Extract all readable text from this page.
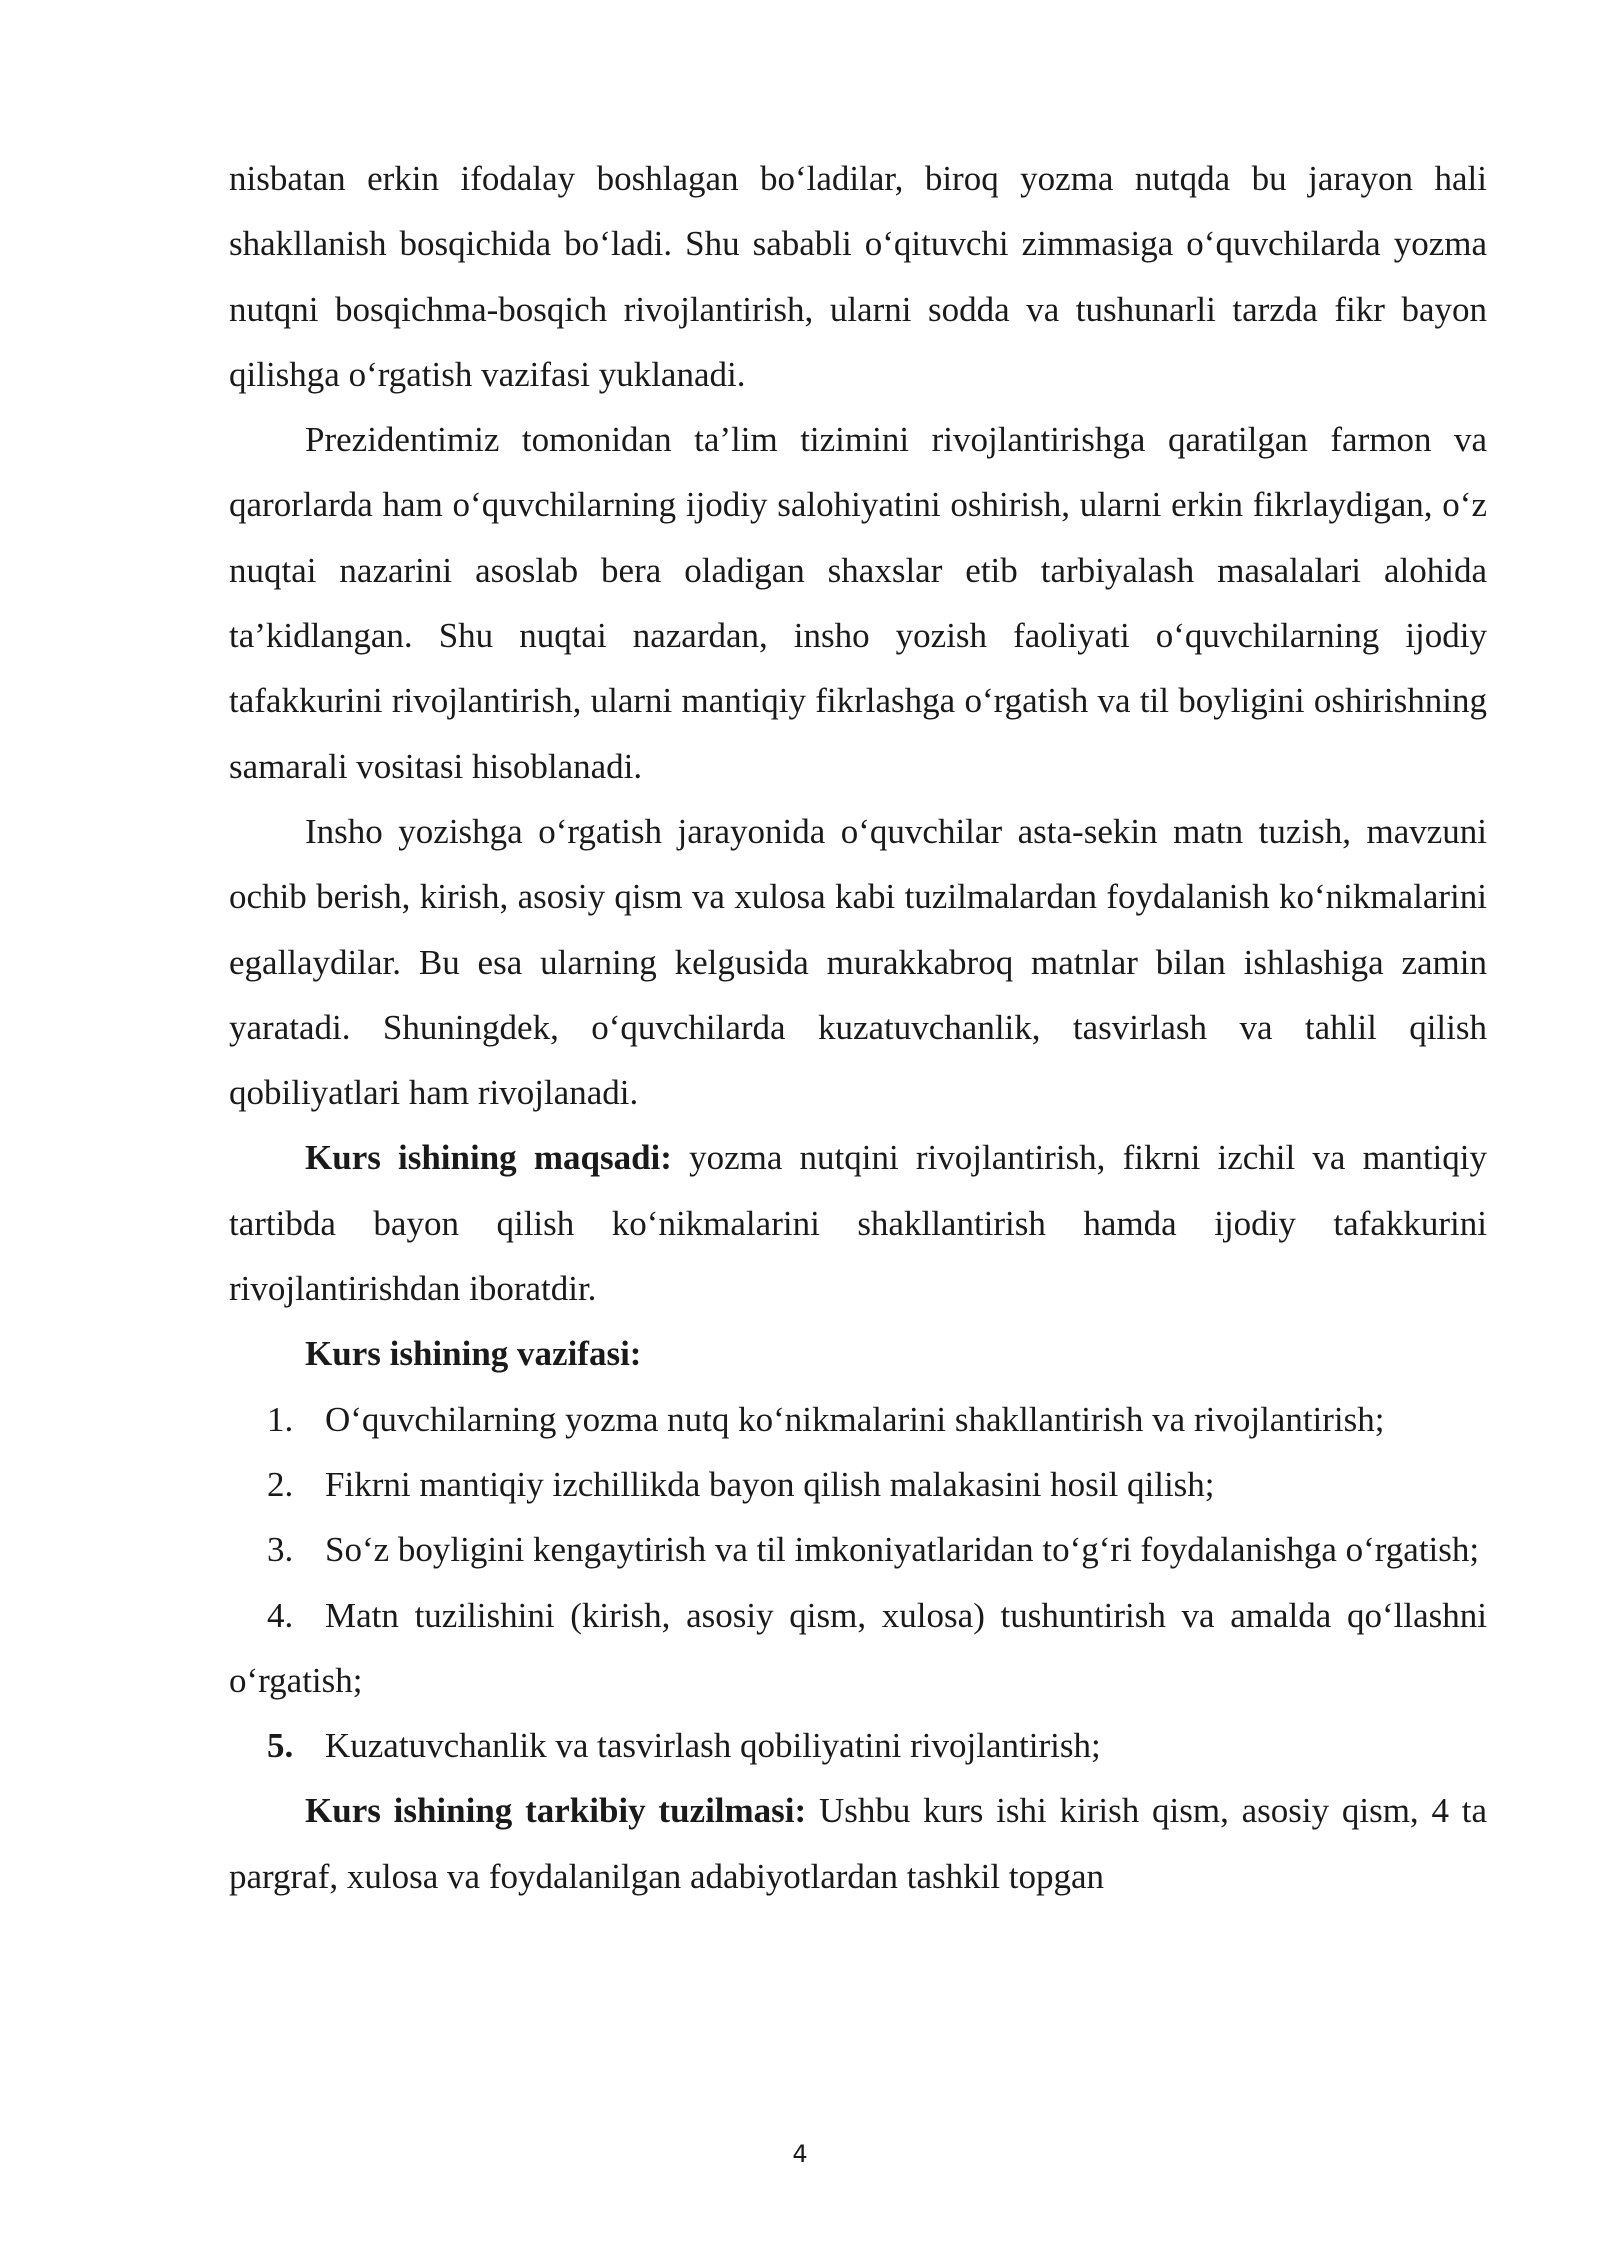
nisbatan erkin ifodalay boshlagan bo‘ladilar, biroq yozma nutqda bu jarayon hali shakllanish bosqichida bo‘ladi. Shu sababli o‘qituvchi zimmasiga o‘quvchilarda yozma nutqni bosqichma-bosqich rivojlantirish, ularni sodda va tushunarli tarzda fikr bayon qilishga o‘rgatish vazifasi yuklanadi.

Prezidentimiz tomonidan ta’lim tizimini rivojlantirishga qaratilgan farmon va qarorlarda ham o‘quvchilarning ijodiy salohiyatini oshirish, ularni erkin fikrlaydigan, o‘z nuqtai nazarini asoslab bera oladigan shaxslar etib tarbiyalash masalalari alohida ta’kidlangan. Shu nuqtai nazardan, insho yozish faoliyati o‘quvchilarning ijodiy tafakkurini rivojlantirish, ularni mantiqiy fikrlashga o‘rgatish va til boyligini oshirishning samarali vositasi hisoblanadi.

Insho yozishga o‘rgatish jarayonida o‘quvchilar asta-sekin matn tuzish, mavzuni ochib berish, kirish, asosiy qism va xulosa kabi tuzilmalardan foydalanish ko‘nikmalarini egallaydilar. Bu esa ularning kelgusida murakkabroq matnlar bilan ishlashiga zamin yaratadi. Shuningdek, o‘quvchilarda kuzatuvchanlik, tasvirlash va tahlil qilish qobiliyatlari ham rivojlanadi.

Kurs ishining maqsadi: yozma nutqini rivojlantirish, fikrni izchil va mantiqiy tartibda bayon qilish ko‘nikmalarini shakllantirish hamda ijodiy tafakkurini rivojlantirishdan iboratdir.

Kurs ishining vazifasi:

1. O‘quvchilarning yozma nutq ko‘nikmalarini shakllantirish va rivojlantirish;

2. Fikrni mantiqiy izchillikda bayon qilish malakasini hosil qilish;

3. So‘z boyligini kengaytirish va til imkoniyatlaridan to‘g‘ri foydalanishga o‘rgatish;

4. Matn tuzilishini (kirish, asosiy qism, xulosa) tushuntirish va amalda qo‘llashni o‘rgatish;

5. Kuzatuvchanlik va tasvirlash qobiliyatini rivojlantirish;

Kurs ishining tarkibiy tuzilmasi: Ushbu kurs ishi kirish qism, asosiy qism, 4 ta pargraf, xulosa va foydalanilgan adabiyotlardan tashkil topgan

4
